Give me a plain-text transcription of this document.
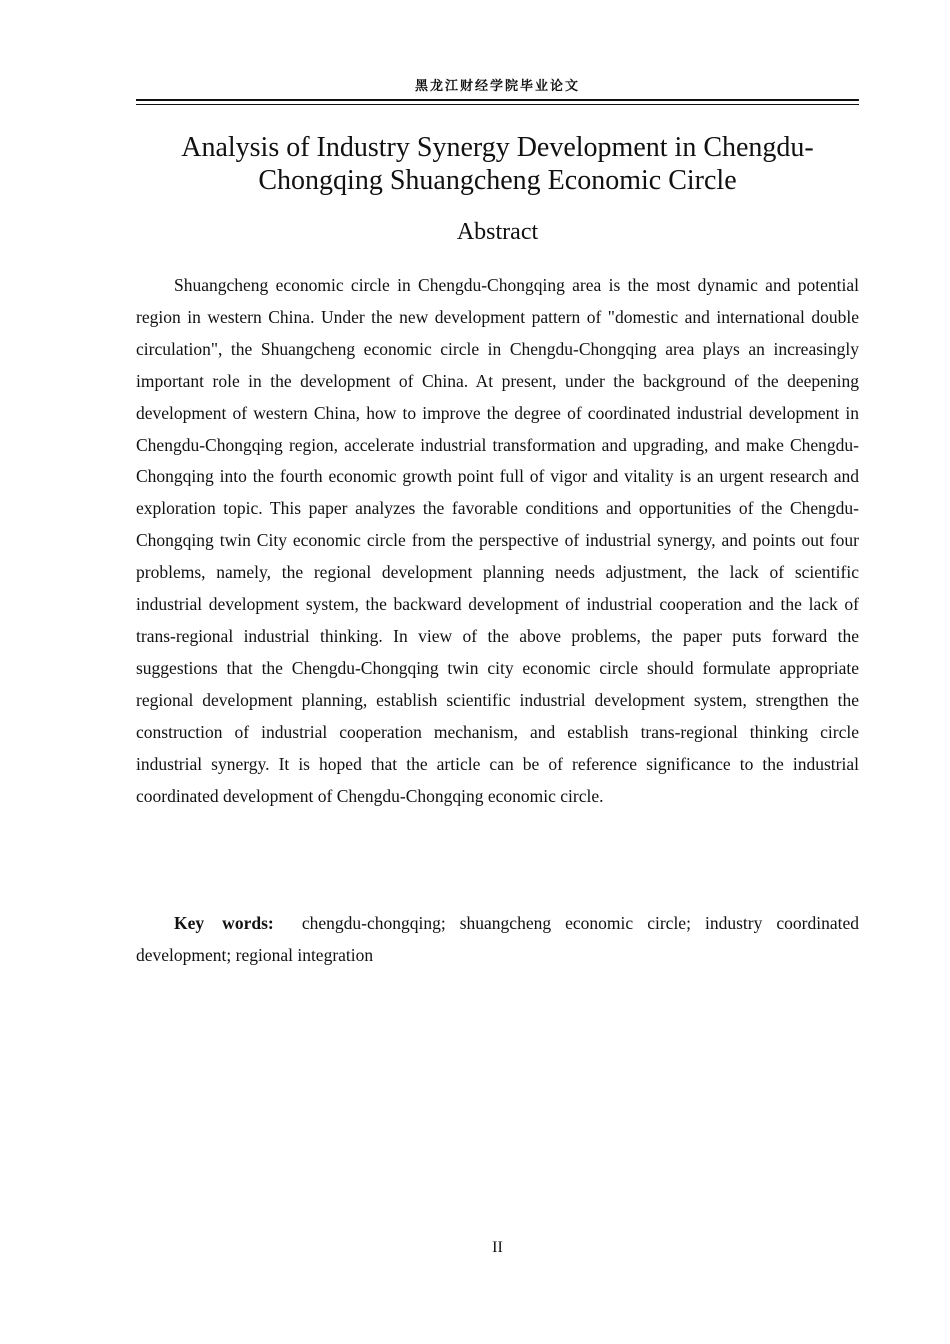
黑龙江财经学院毕业论文
Analysis of Industry Synergy Development in Chengdu-
Chongqing Shuangcheng Economic Circle
Abstract

Shuangcheng economic circle in Chengdu-Chongqing area is the most dynamic and potential region in western China. Under the new development pattern of "domestic and international double circulation", the Shuangcheng economic circle in Chengdu-Chongqing area plays an increasingly important role in the development of China. At present, under the background of the deepening development of western China, how to improve the degree of coordinated industrial development in Chengdu-Chongqing region, accelerate industrial transformation and upgrading, and make Chengdu-Chongqing into the fourth economic growth point full of vigor and vitality is an urgent research and exploration topic. This paper analyzes the favorable conditions and opportunities of the Chengdu-Chongqing twin City economic circle from the perspective of industrial synergy, and points out four problems, namely, the regional development planning needs adjustment, the lack of scientific industrial development system, the backward development of industrial cooperation and the lack of trans-regional industrial thinking. In view of the above problems, the paper puts forward the suggestions that the Chengdu-Chongqing twin city economic circle should formulate appropriate regional development planning, establish scientific industrial development system, strengthen the construction of industrial cooperation mechanism, and establish trans-regional thinking circle industrial synergy. It is hoped that the article can be of reference significance to the industrial coordinated development of Chengdu-Chongqing economic circle.

Key words: chengdu-chongqing; shuangcheng economic circle; industry coordinated development; regional integration

II
